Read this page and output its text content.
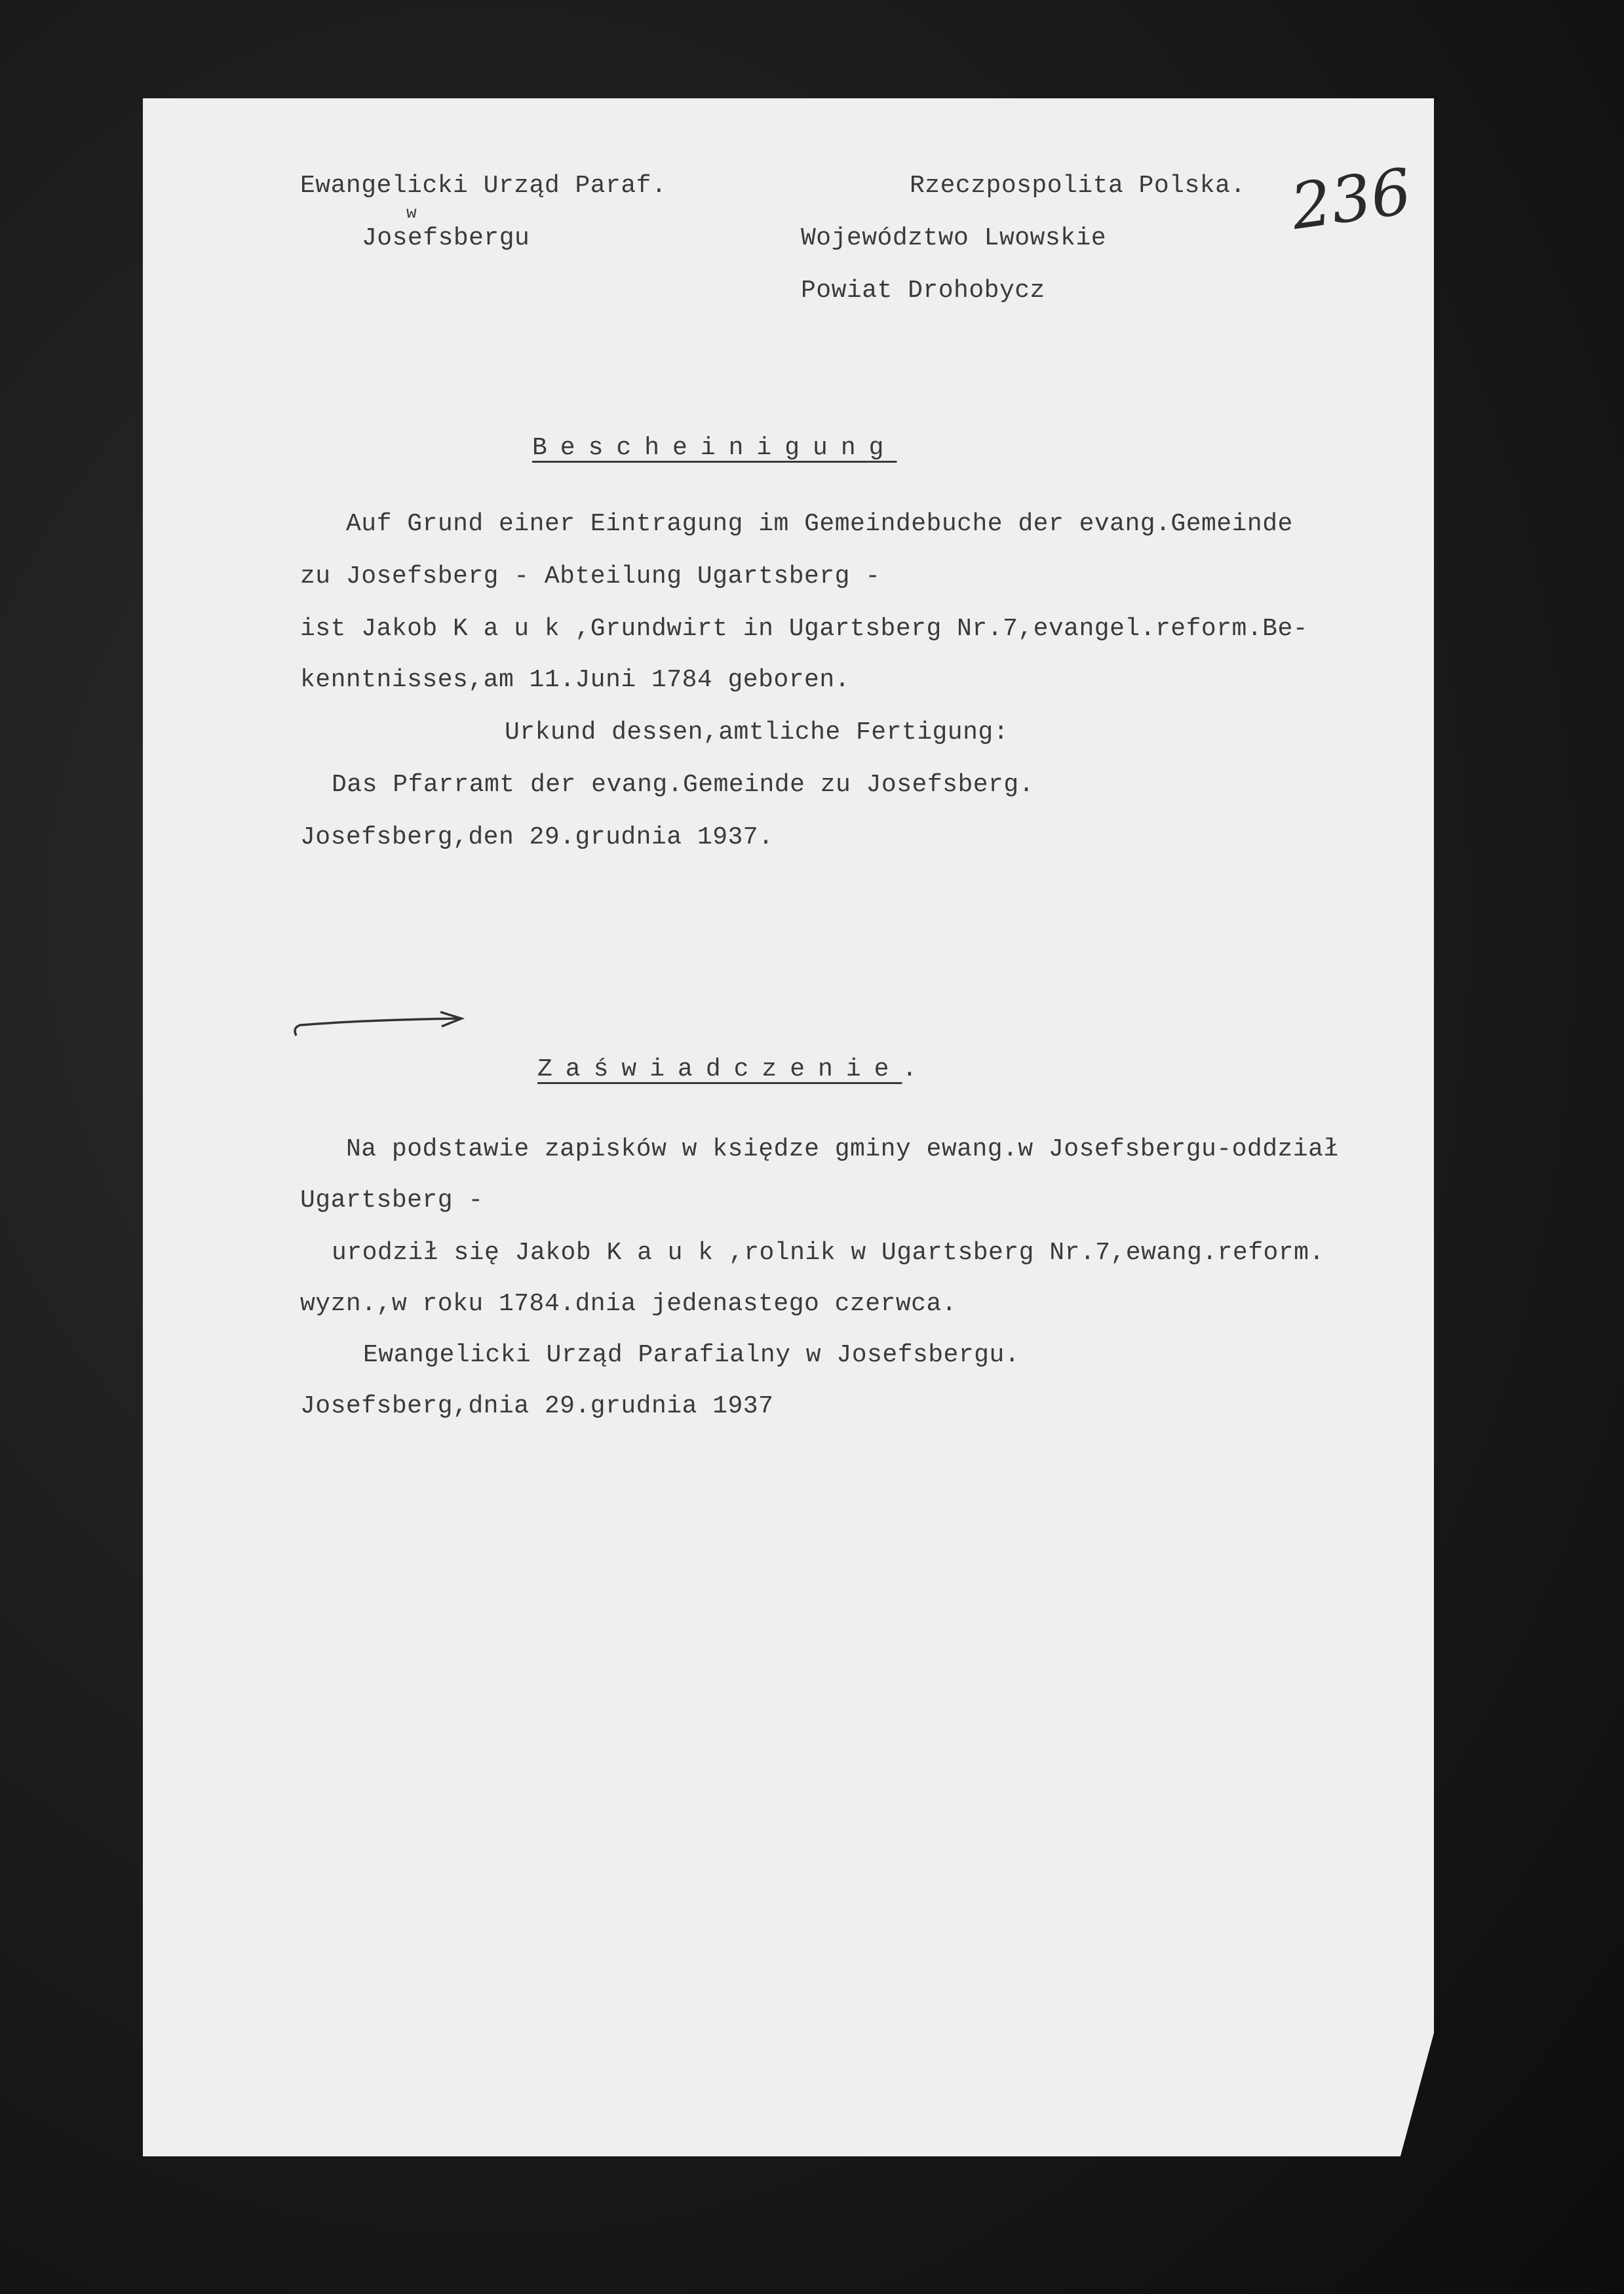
Ewangelicki Urząd Paraf.
w
Josefsbergu
Rzeczpospolita Polska.
Województwo Lwowskie
Powiat Drohobycz
236
Bescheinigung
Auf Grund einer Eintragung im Gemeindebuche der evang.Gemeinde
zu Josefsberg - Abteilung Ugartsberg -
ist Jakob K a u k ,Grundwirt in Ugartsberg Nr.7,evangel.reform.Be-
kenntnisses,am 11.Juni 1784 geboren.
Urkund dessen,amtliche Fertigung:
Das Pfarramt der evang.Gemeinde zu Josefsberg.
Josefsberg,den 29.grudnia 1937.
Zaświadczenie.
Na podstawie zapisków w księdze gminy ewang.w Josefsbergu-oddział
Ugartsberg -
urodził się Jakob K a u k ,rolnik w Ugartsberg Nr.7,ewang.reform.
wyzn.,w roku 1784.dnia jedenastego czerwca.
Ewangelicki Urząd Parafialny w Josefsbergu.
Josefsberg,dnia 29.grudnia 1937
